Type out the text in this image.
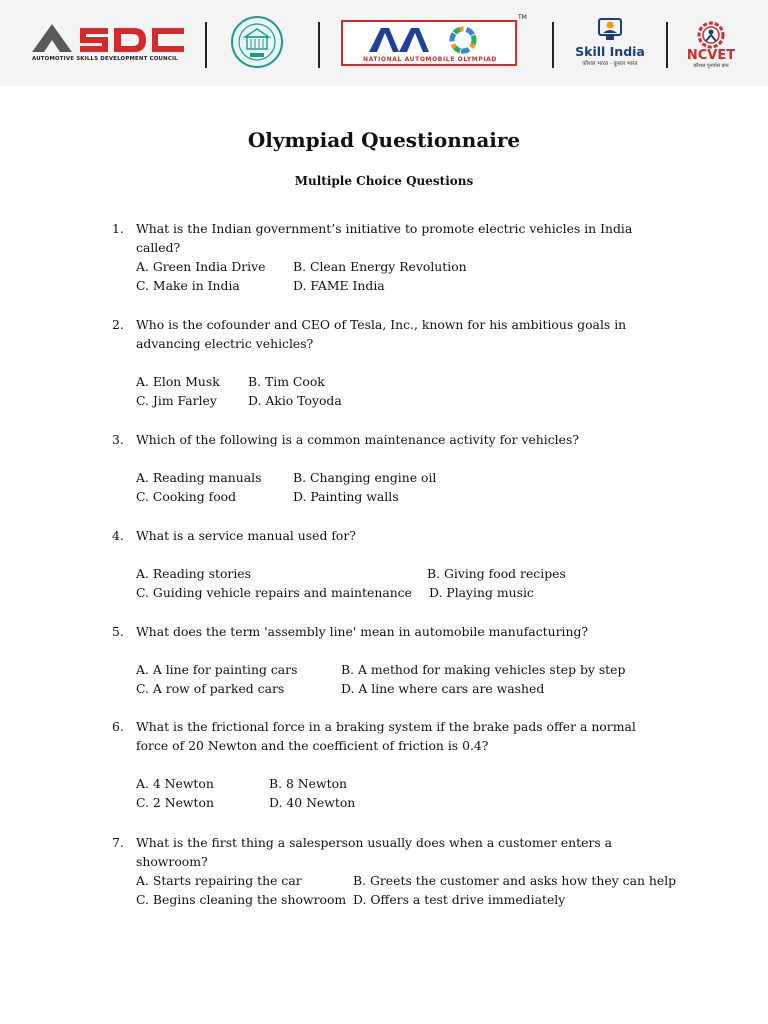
AUTOMOTIVE SKILLS DEVELOPMENT COUNCIL	NATIONAL AUTOMOBILE OLYMPIAD
TM
Skill India
कौशल भारत - कुशल भारत
NCVET
कौशल पुनर्वास प्रांत
Olympiad Questionnaire
Multiple Choice Questions
1. What is the Indian government’s initiative to promote electric vehicles in India called?
A. Green India Drive B. Clean Energy Revolution
C. Make in India	D. FAME India
2. Who is the cofounder and CEO of Tesla, Inc., known for his ambitious goals in advancing electric vehicles?
A. Elon Musk B. Tim Cook
C. Jim Farley	D. Akio Toyoda
3. Which of the following is a common maintenance activity for vehicles?
A. Reading manuals	B. Changing engine oil
C. Cooking food	D. Painting walls
4. What is a service manual used for?
A. Reading stories	B. Giving food recipes
C. Guiding vehicle repairs and maintenance D. Playing music
5. What does the term 'assembly line' mean in automobile manufacturing?
A. A line for painting cars	B. A method for making vehicles step by step
C. A row of parked cars	D. A line where cars are washed
6. What is the frictional force in a braking system if the brake pads offer a normal force of 20 Newton and the coefficient of friction is 0.4?
A. 4 Newton	B. 8 Newton
C. 2 Newton	D. 40 Newton
7. What is the first thing a salesperson usually does when a customer enters a showroom?
A. Starts repairing the car	B. Greets the customer and asks how they can help
C. Begins cleaning the showroom D. Offers a test drive immediately
